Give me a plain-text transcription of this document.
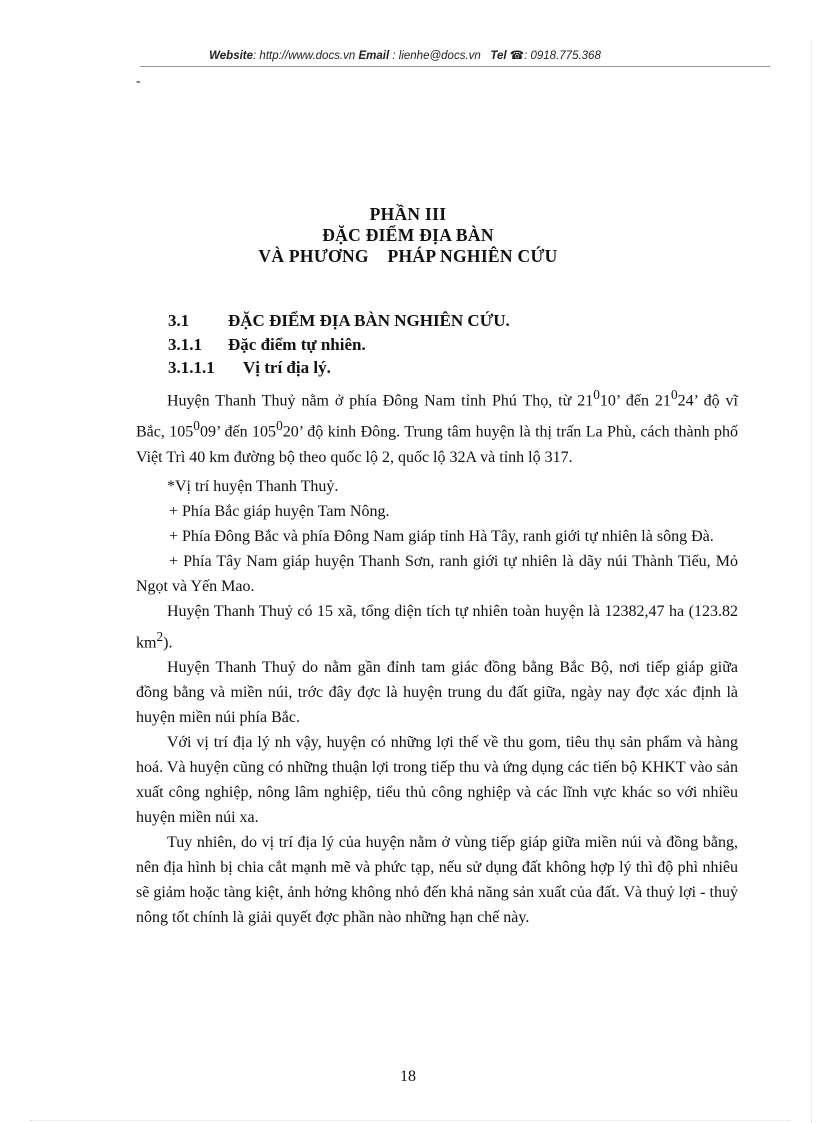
Website: http://www.docs.vn Email : lienhe@docs.vn Tel ☎: 0918.775.368
-
PHẦN III
ĐẶC ĐIỂM ĐỊA BÀN
VÀ PHƯƠNG    PHÁP NGHIÊN CỨU
3.1 ĐẶC ĐIỂM ĐỊA BÀN NGHIÊN CỨU.
3.1.1 Đặc điểm tự nhiên.
3.1.1.1 Vị trí địa lý.

Huyện Thanh Thuỷ nằm ở phía Đông Nam tỉnh Phú Thọ, từ $21^010$’ đến $21^024$’ độ vĩ Bắc, $105^009$’ đến $105^020$’ độ kinh Đông. Trung tâm huyện là thị trấn La Phù, cách thành phố Việt Trì 40 km đường bộ theo quốc lộ 2, quốc lộ 32A và tỉnh lộ 317.

*Vị trí huyện Thanh Thuỷ.

+ Phía Bắc giáp huyện Tam Nông.

+ Phía Đông Bắc và phía Đông Nam giáp tỉnh Hà Tây, ranh giới tự nhiên là sông Đà.

+ Phía Tây Nam giáp huyện Thanh Sơn, ranh giới tự nhiên là dãy núi Thành Tiểu, Mỏ Ngọt và Yến Mao.

Huyện Thanh Thuỷ có 15 xã, tổng diện tích tự nhiên toàn huyện là 12382,47 ha (123.82 $km^2$).

Huyện Thanh Thuỷ do nằm gần đỉnh tam giác đồng bằng Bắc Bộ, nơi tiếp giáp giữa đồng bằng và miền núi, trớc đây đợc là huyện trung du đất giữa, ngày nay đợc xác định là huyện miền núi phía Bắc.

Với vị trí địa lý nh vậy, huyện có những lợi thế về thu gom, tiêu thụ sản phẩm và hàng hoá. Và huyện cũng có những thuận lợi trong tiếp thu và ứng dụng các tiến bộ KHKT vào sản xuất công nghiệp, nông lâm nghiệp, tiểu thủ công nghiệp và các lĩnh vực khác so với nhiều huyện miền núi xa.

Tuy nhiên, do vị trí địa lý của huyện nằm ở vùng tiếp giáp giữa miền núi và đồng bằng, nên địa hình bị chia cắt mạnh mẽ và phức tạp, nếu sử dụng đất không hợp lý thì độ phì nhiêu sẽ giảm hoặc tàng kiệt, ảnh hởng không nhỏ đến khả năng sản xuất của đất. Và thuỷ lợi - thuỷ nông tốt chính là giải quyết đợc phần nào những hạn chế này.

18
